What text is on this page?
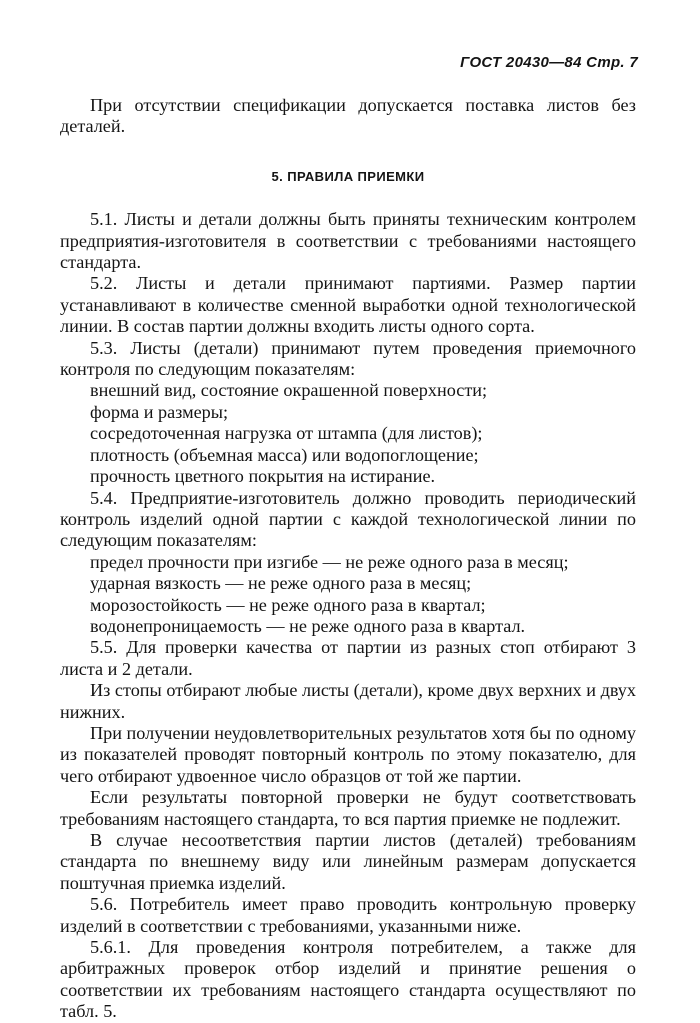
ГОСТ 20430—84 Стр. 7
При отсутствии спецификации допускается поставка листов без деталей.
5. ПРАВИЛА ПРИЕМКИ
5.1. Листы и детали должны быть приняты техническим контролем предприятия-изготовителя в соответствии с требованиями настоящего стандарта.
5.2. Листы и детали принимают партиями. Размер партии устанавливают в количестве сменной выработки одной технологической линии. В состав партии должны входить листы одного сорта.
5.3. Листы (детали) принимают путем проведения приемочного контроля по следующим показателям:
внешний вид, состояние окрашенной поверхности;
форма и размеры;
сосредоточенная нагрузка от штампа (для листов);
плотность (объемная масса) или водопоглощение;
прочность цветного покрытия на истирание.
5.4. Предприятие-изготовитель должно проводить периодический контроль изделий одной партии с каждой технологической линии по следующим показателям:
предел прочности при изгибе — не реже одного раза в месяц;
ударная вязкость — не реже одного раза в месяц;
морозостойкость — не реже одного раза в квартал;
водонепроницаемость — не реже одного раза в квартал.
5.5. Для проверки качества от партии из разных стоп отбирают 3 листа и 2 детали.
Из стопы отбирают любые листы (детали), кроме двух верхних и двух нижних.
При получении неудовлетворительных результатов хотя бы по одному из показателей проводят повторный контроль по этому показателю, для чего отбирают удвоенное число образцов от той же партии.
Если результаты повторной проверки не будут соответствовать требованиям настоящего стандарта, то вся партия приемке не подлежит.
В случае несоответствия партии листов (деталей) требованиям стандарта по внешнему виду или линейным размерам допускается поштучная приемка изделий.
5.6. Потребитель имеет право проводить контрольную проверку изделий в соответствии с требованиями, указанными ниже.
5.6.1. Для проведения контроля потребителем, а также для арбитражных проверок отбор изделий и принятие решения о соответствии их требованиям настоящего стандарта осуществляют по табл. 5.
